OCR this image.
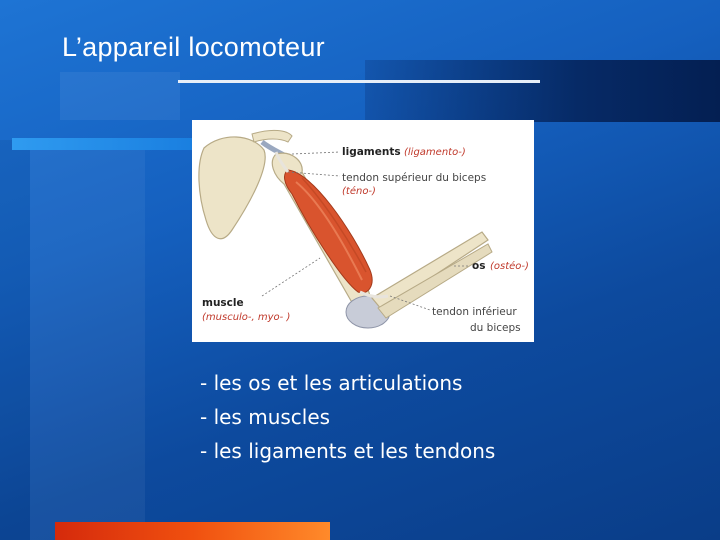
L’appareil locomoteur
ligaments (ligamento-)
tendon supérieur du biceps
(téno-)
os (ostéo-)
muscle
(musculo-, myo- )	tendon inférieur
du biceps
- les os et les articulations
- les muscles
- les ligaments et les tendons
